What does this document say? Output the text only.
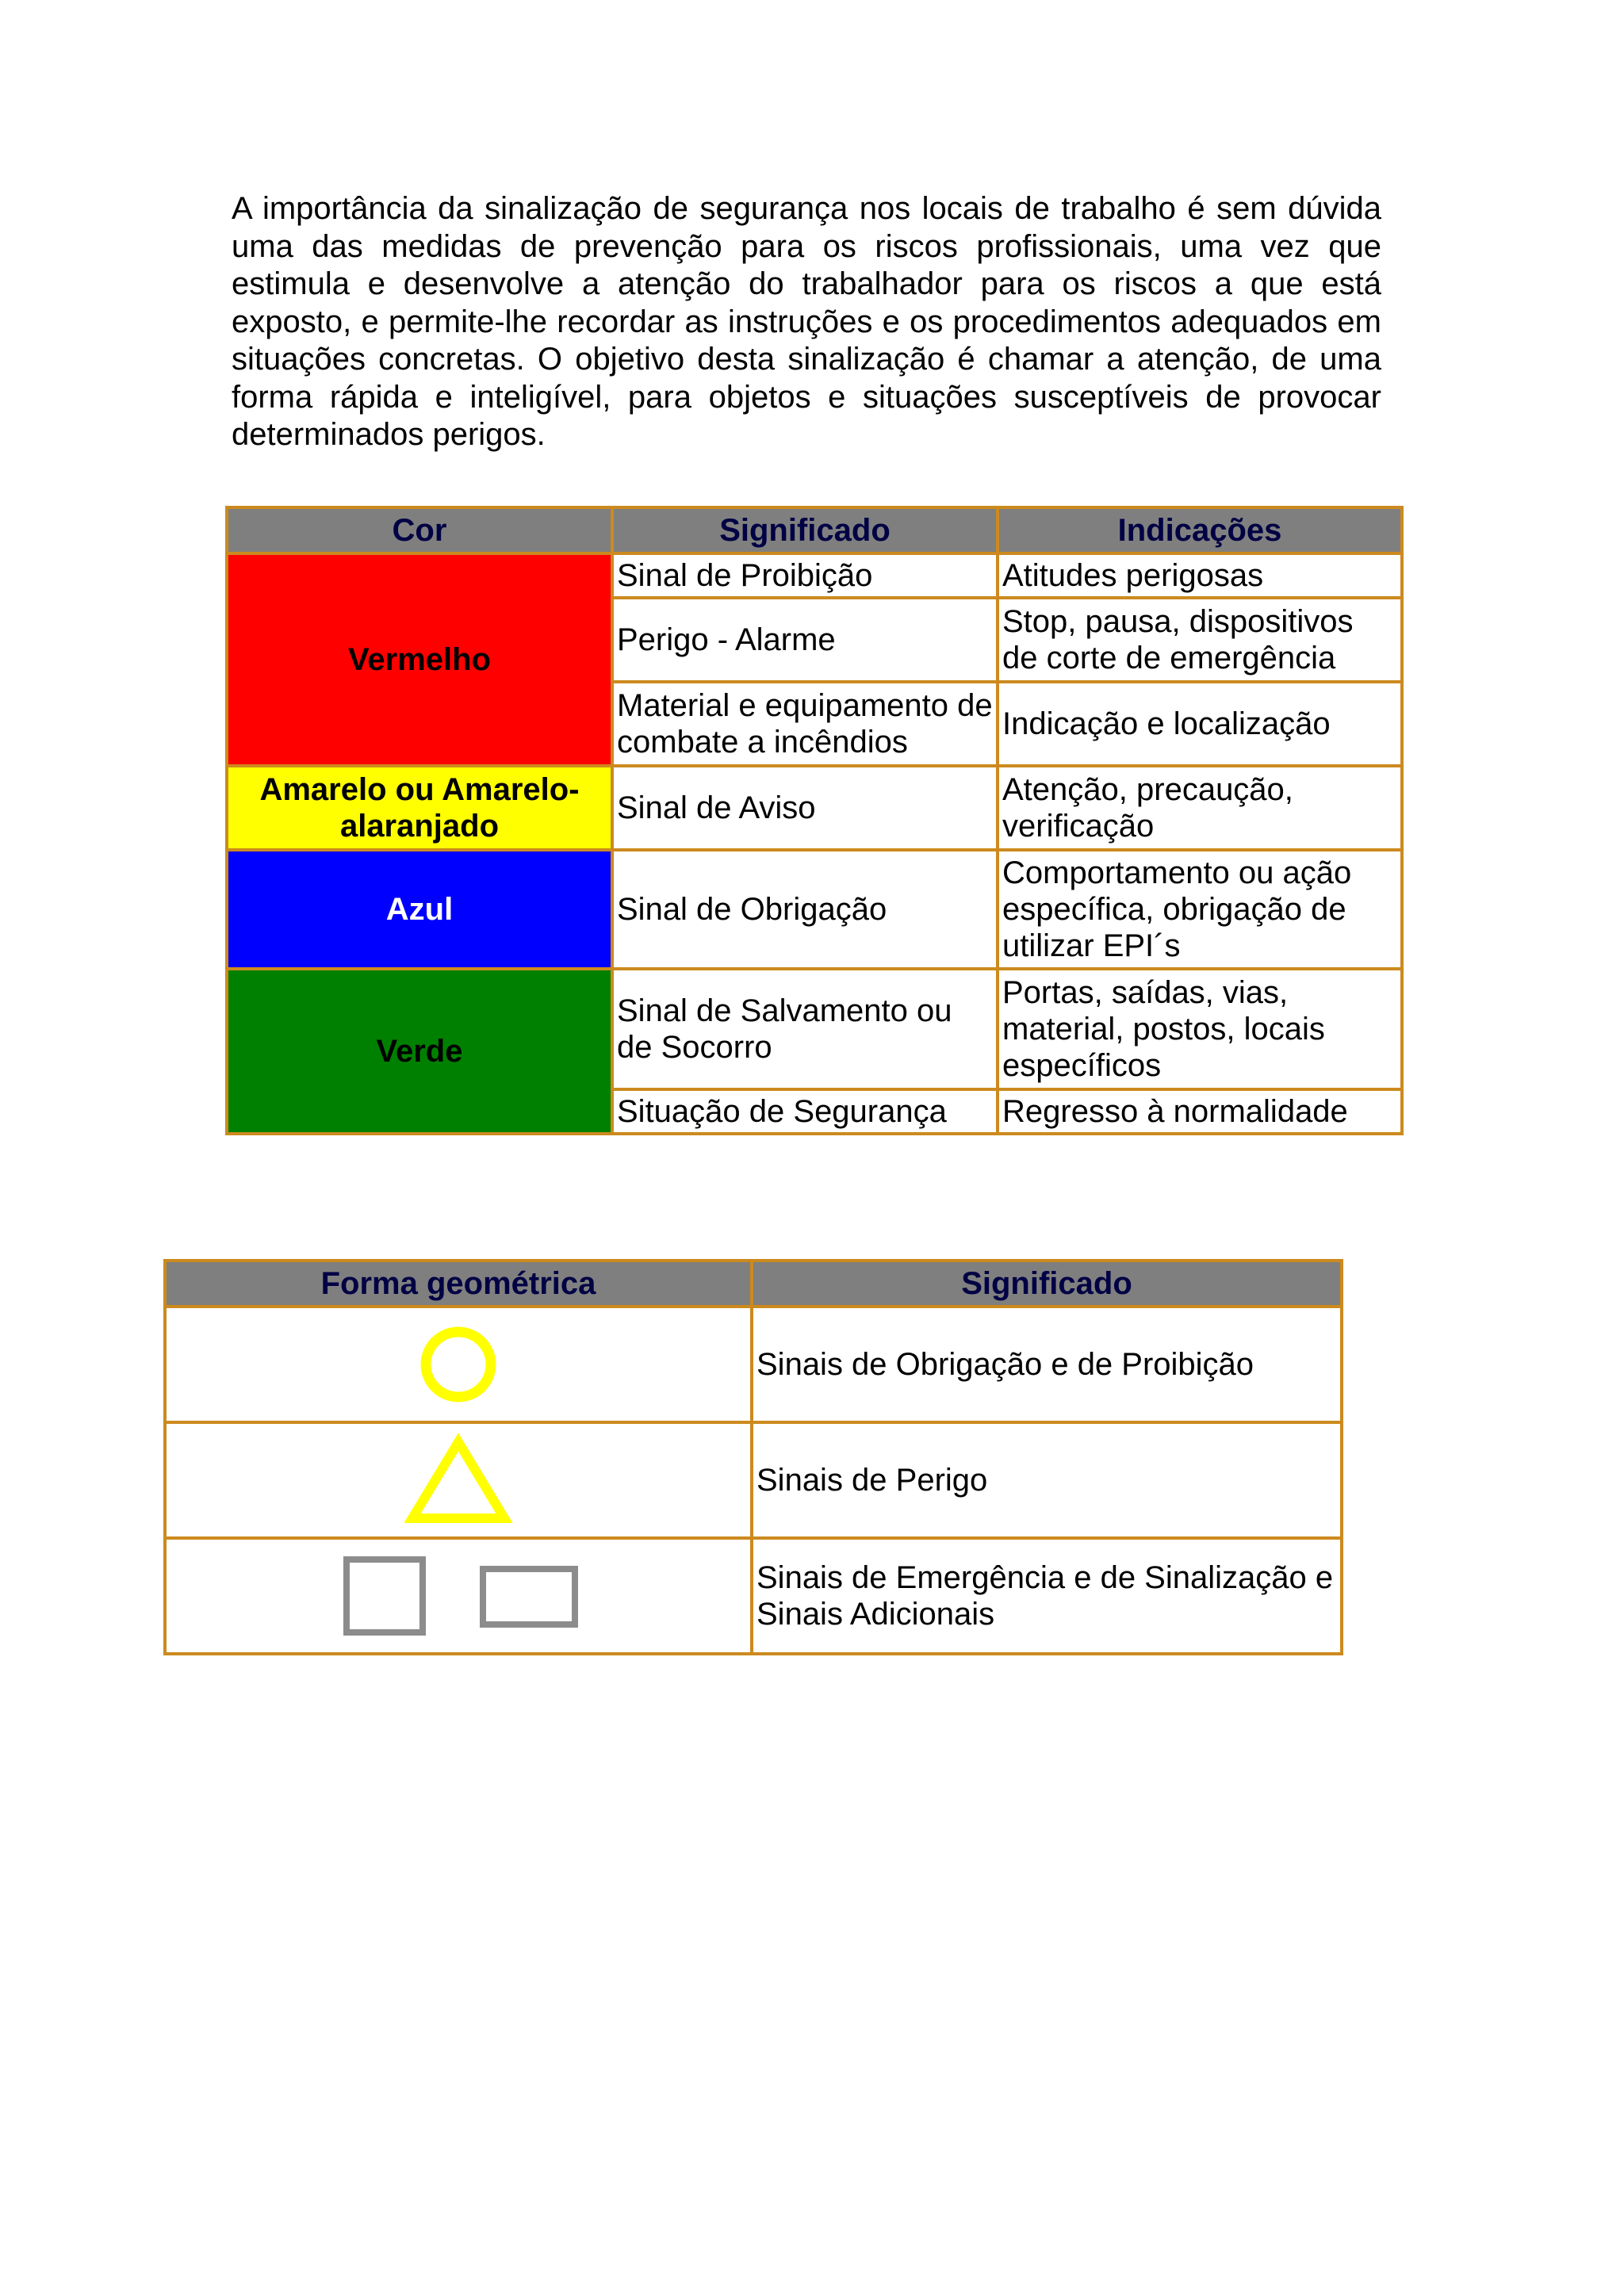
A importância da sinalização de segurança nos locais de trabalho é sem dúvida uma das medidas de prevenção para os riscos profissionais, uma vez que estimula e desenvolve a atenção do trabalhador para os riscos a que está exposto, e permite-lhe recordar as instruções e os procedimentos adequados em situações concretas. O objetivo desta sinalização é chamar a atenção, de uma forma rápida e inteligível, para objetos e situações susceptíveis de provocar determinados perigos.

Cor	Significado	Indicações
Vermelho	Sinal de Proibição	Atitudes perigosas
	Perigo - Alarme	Stop, pausa, dispositivos de corte de emergência
	Material e equipamento de combate a incêndios	Indicação e localização
Amarelo ou Amarelo-alaranjado	Sinal de Aviso	Atenção, precaução, verificação
Azul	Sinal de Obrigação	Comportamento ou ação específica, obrigação de utilizar EPI´s
Verde	Sinal de Salvamento ou de Socorro	Portas, saídas, vias, material, postos, locais específicos
	Situação de Segurança	Regresso à normalidade
Forma geométrica	Significado

	Sinais de Obrigação e de Proibição

	Sinais de Perigo

	Sinais de Emergência e de Sinalização e Sinais Adicionais
